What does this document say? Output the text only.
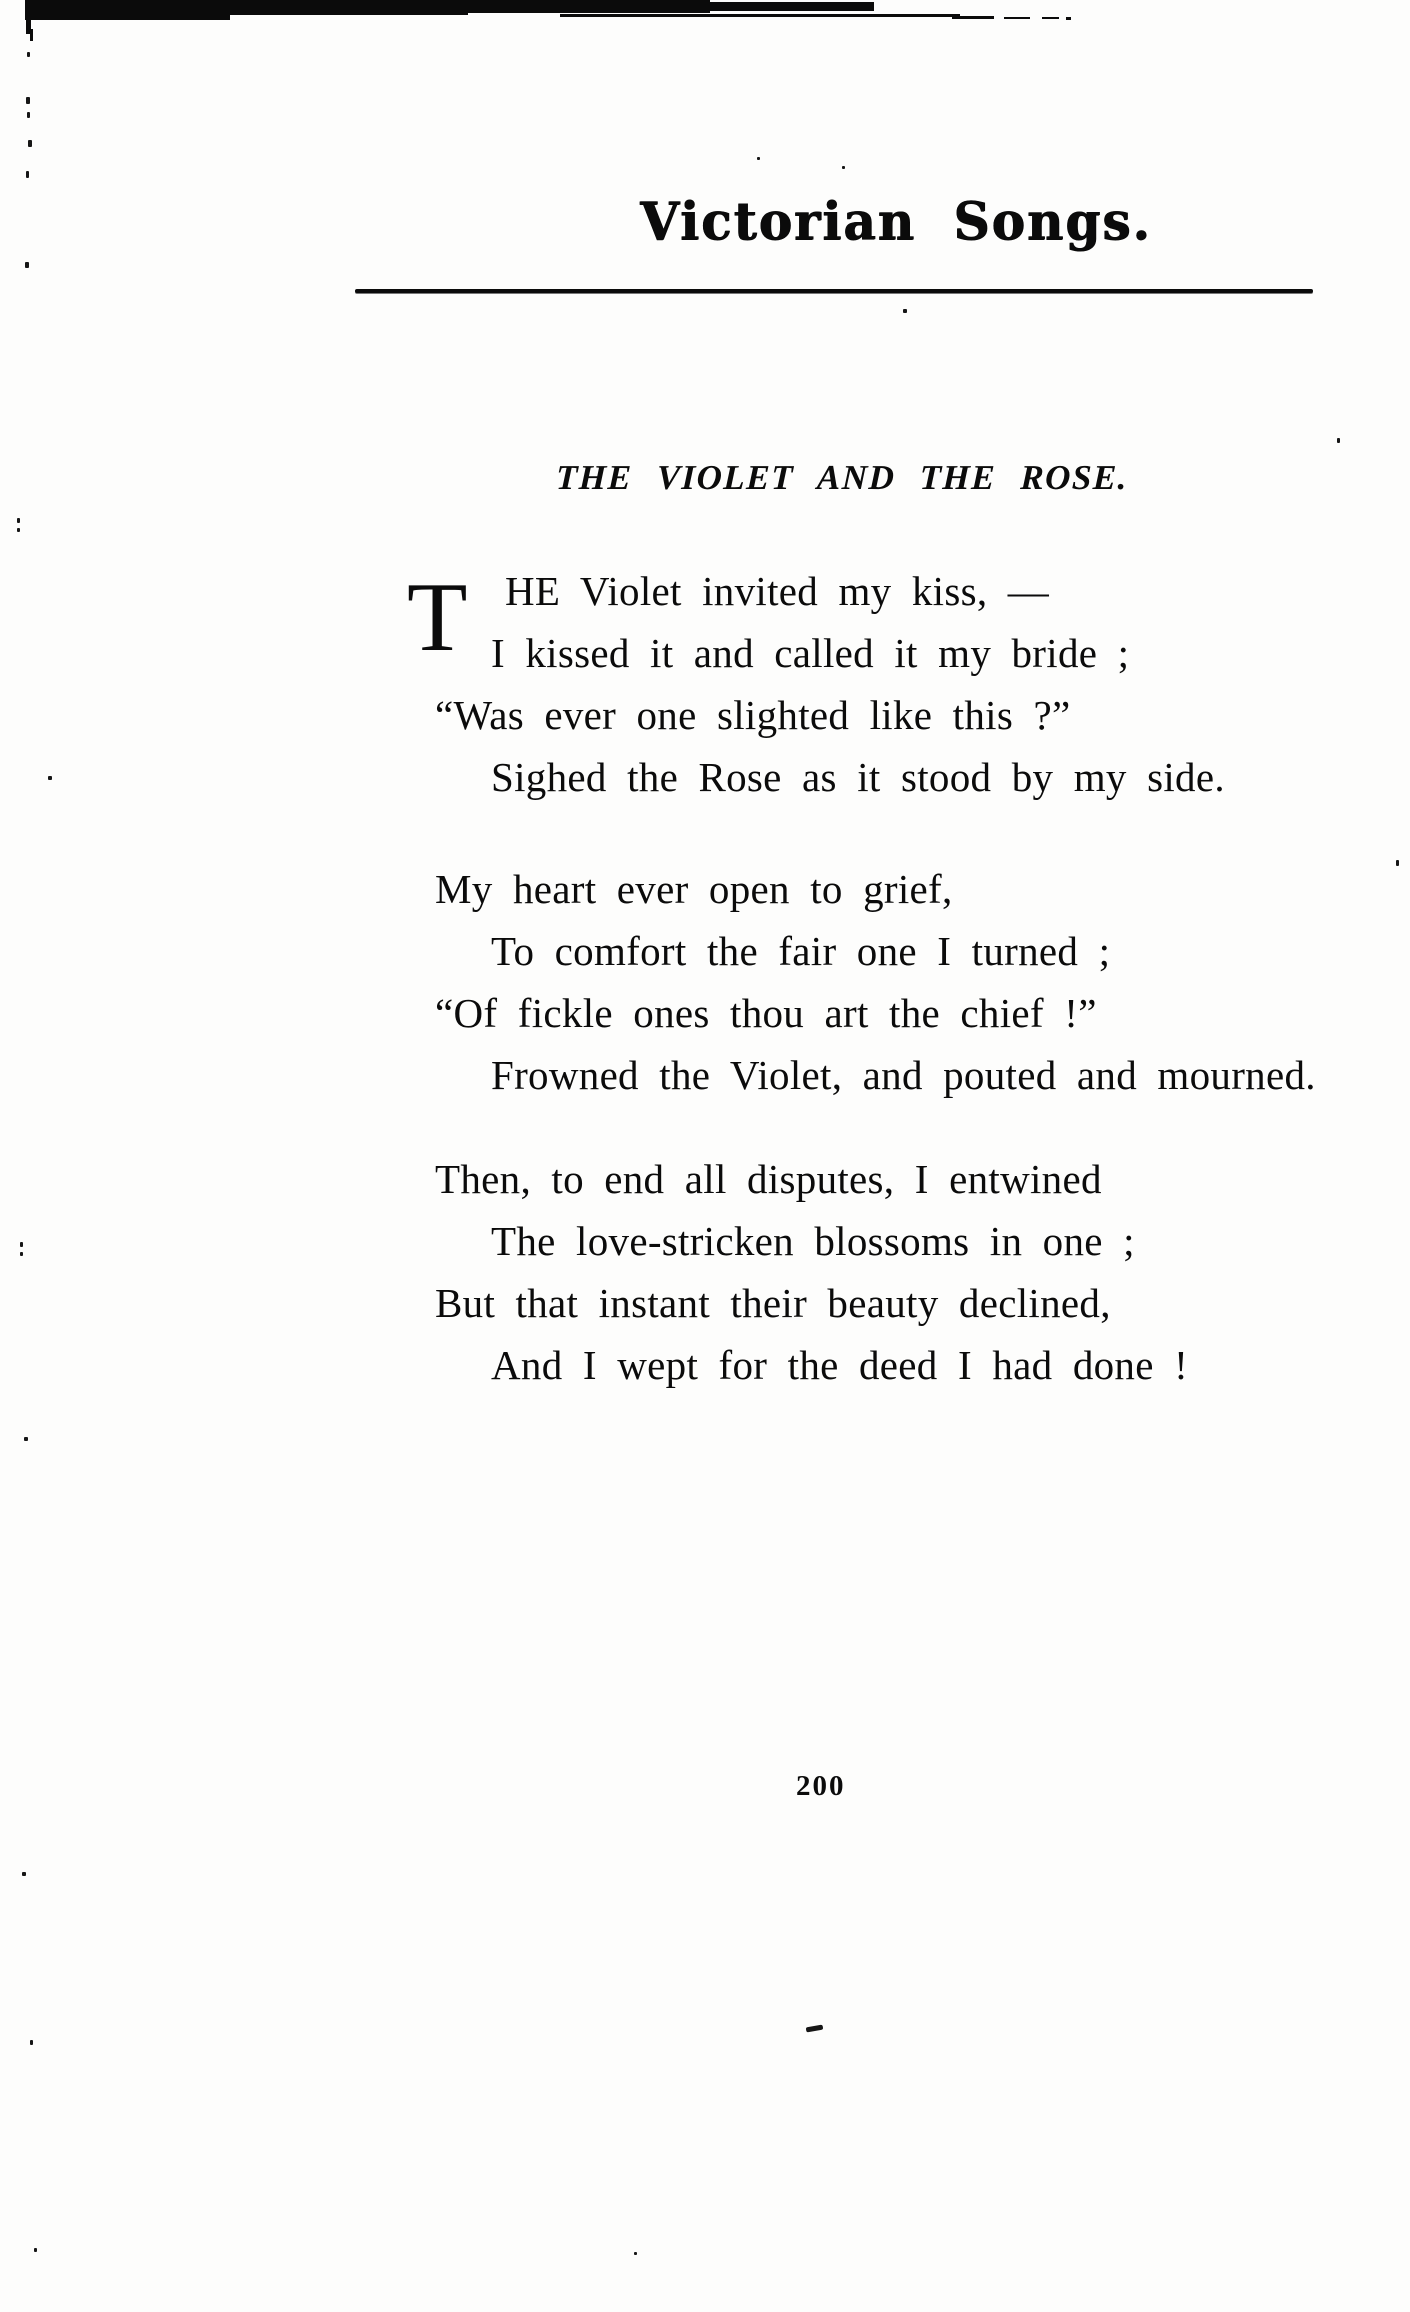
Victorian Songs.
THE VIOLET AND THE ROSE.
T HE Violet invited my kiss, —
I kissed it and called it my bride ;
“Was ever one slighted like this ?”
Sighed the Rose as it stood by my side.
My heart ever open to grief,
To comfort the fair one I turned ;
“Of fickle ones thou art the chief !”
Frowned the Violet, and pouted and mourned.
Then, to end all disputes, I entwined
The love-stricken blossoms in one ;
But that instant their beauty declined,
And I wept for the deed I had done !
200
